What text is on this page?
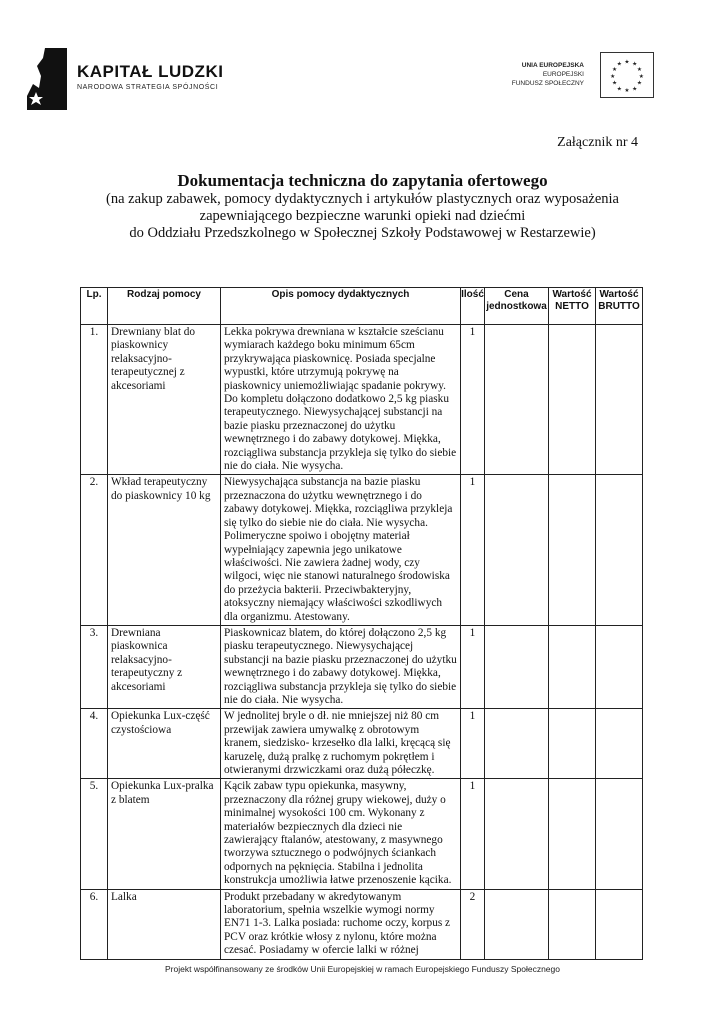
KAPITAŁ LUDZKI
NARODOWA STRATEGIA SPÓJNOŚCI
UNIA EUROPEJSKA
EUROPEJSKI
FUNDUSZ SPOŁECZNY
★ ★
★
★
★
★
★
★
★
★
★
★
Załącznik nr 4
Dokumentacja techniczna do zapytania ofertowego
(na zakup zabawek, pomocy dydaktycznych i artykułów plastycznych oraz wyposażenia
zapewniającego bezpieczne warunki opieki nad dziećmi
do Oddziału Przedszkolnego w Społecznej Szkoły Podstawowej w Restarzewie)
Lp.	Rodzaj pomocy	Opis pomocy dydaktycznych	Ilość	Cena jednostkowa	Wartość NETTO	Wartość BRUTTO
1.	Drewniany blat do piaskownicy relaksacyjno-terapeutycznej z akcesoriami	Lekka pokrywa drewniana w kształcie sześcianu wymiarach każdego boku minimum 65cm przykrywająca piaskownicę. Posiada specjalne wypustki, które utrzymują pokrywę na piaskownicy uniemożliwiając spadanie pokrywy. Do kompletu dołączono dodatkowo 2,5 kg piasku terapeutycznego. Niewysychającej substancji na bazie piasku przeznaczonej do użytku wewnętrznego i do zabawy dotykowej. Miękka, rozciągliwa substancja przykleja się tylko do siebie nie do ciała. Nie wysycha.	1			
2.	Wkład terapeutyczny do piaskownicy 10 kg	Niewysychająca substancja na bazie piasku przeznaczona do użytku wewnętrznego i do zabawy dotykowej. Miękka, rozciągliwa przykleja się tylko do siebie nie do ciała. Nie wysycha. Polimeryczne spoiwo i obojętny materiał wypełniający zapewnia jego unikatowe właściwości. Nie zawiera żadnej wody, czy wilgoci, więc nie stanowi naturalnego środowiska do przeżycia bakterii. Przeciwbakteryjny, atoksyczny niemający właściwości szkodliwych dla organizmu. Atestowany.	1			
3.	Drewniana piaskownica relaksacyjno-terapeutyczny z akcesoriami	Piaskownicaz blatem, do której dołączono 2,5 kg piasku terapeutycznego. Niewysychającej substancji na bazie piasku przeznaczonej do użytku wewnętrznego i do zabawy dotykowej. Miękka, rozciągliwa substancja przykleja się tylko do siebie nie do ciała. Nie wysycha.	1			
4.	Opiekunka Lux-część czystościowa	W jednolitej bryle o dł. nie mniejszej niż 80 cm przewijak zawiera umywalkę z obrotowym kranem, siedzisko- krzesełko dla lalki, kręcącą się karuzelę, dużą pralkę z ruchomym pokrętłem i otwieranymi drzwiczkami oraz dużą półeczkę.	1			
5.	Opiekunka Lux-pralka z blatem	Kącik zabaw typu opiekunka, masywny, przeznaczony dla różnej grupy wiekowej, duży o minimalnej wysokości 100 cm. Wykonany z materiałów bezpiecznych dla dzieci nie zawierający ftalanów, atestowany, z masywnego tworzywa sztucznego o podwójnych ściankach odpornych na pęknięcia. Stabilna i jednolita konstrukcja umożliwia łatwe przenoszenie kącika.	1			
6.	Lalka	Produkt przebadany w akredytowanym laboratorium, spełnia wszelkie wymogi normy EN71 1-3. Lalka posiada: ruchome oczy, korpus z PCV oraz krótkie włosy z nylonu, które można czesać. Posiadamy w ofercie lalki w różnej	2			
Projekt współfinansowany ze środków Unii Europejskiej w ramach Europejskiego Funduszy Społecznego
